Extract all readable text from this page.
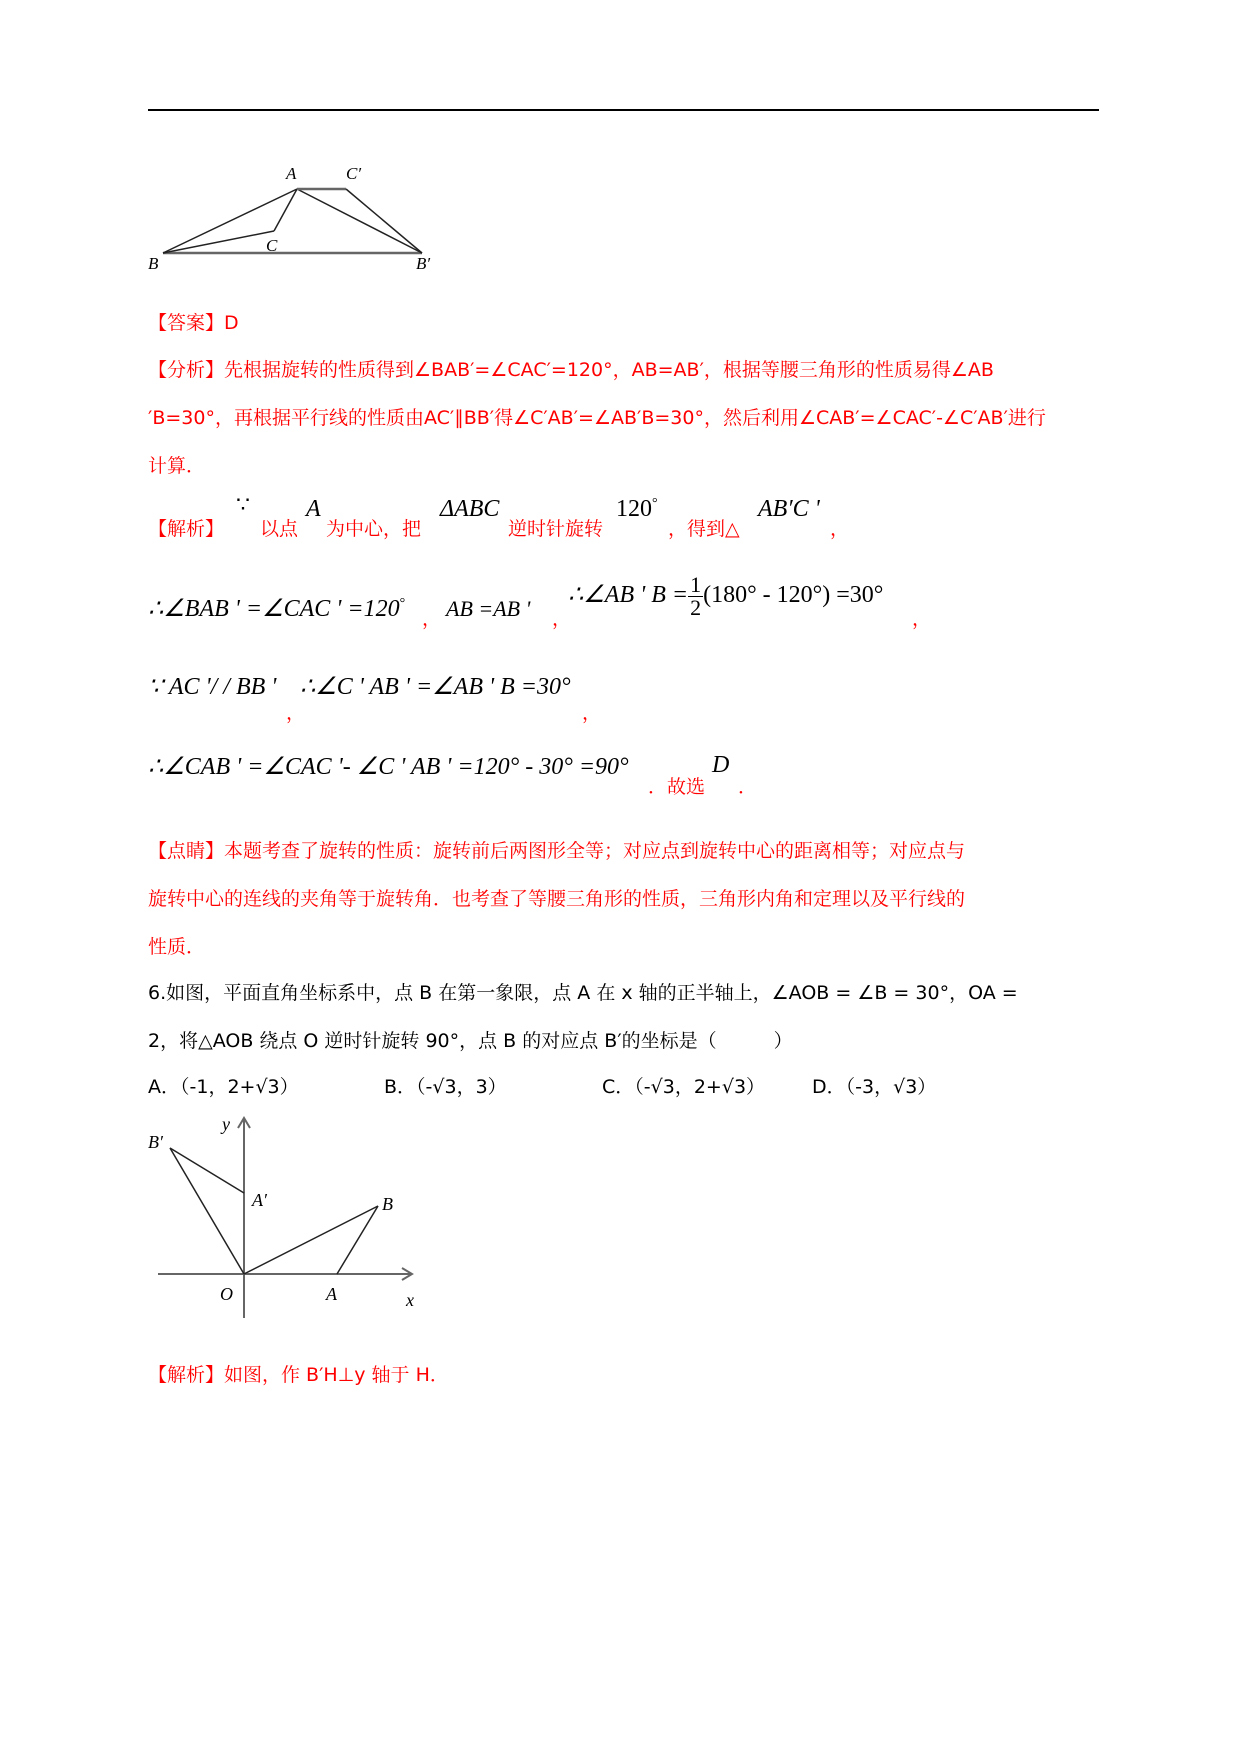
A	C′
C
B	B′
【答案】D
【分析】先根据旋转的性质得到∠BAB′=∠CAC′=120°，AB=AB′，根据等腰三角形的性质易得∠AB
′B=30°，再根据平行线的性质由AC′∥BB′得∠C′AB′=∠AB′B=30°，然后利用∠CAB′=∠CAC′-∠C′AB′进行
计算．
【解析】
∵
以点
A
为中心，把
ΔABC
逆时针旋转
120°
，得到△
AB′C '
，
∴∠BAB ' =∠CAC ' =120°
， AB =AB ' ，
∴∠AB ' $B = \frac{1}{2} (180^\circ - 120^\circ) =30^\circ$
，
∵ AC '/ / BB '
，
∴∠C ' AB ' =∠AB ' B =30°
，
∴∠CAB ' =∠CAC '- ∠C ' AB ' =120° - 30° =90°
．故选
D
．
【点睛】本题考查了旋转的性质：旋转前后两图形全等；对应点到旋转中心的距离相等；对应点与
旋转中心的连线的夹角等于旋转角．也考查了等腰三角形的性质，三角形内角和定理以及平行线的
性质．
6.如图，平面直角坐标系中，点 B 在第一象限，点 A 在 x 轴的正半轴上，∠AOB = ∠B = 30°，OA =
2，将△AOB 绕点 O 逆时针旋转 90°，点 B 的对应点 B′的坐标是（　　　）
A．（-1，2+√3）	B．（-√3，3）	C．（-√3，2+√3） D．（-3，√3）
y
B′
A′	B
O	A	x
【解析】如图，作 B′H⊥y 轴于 H．
